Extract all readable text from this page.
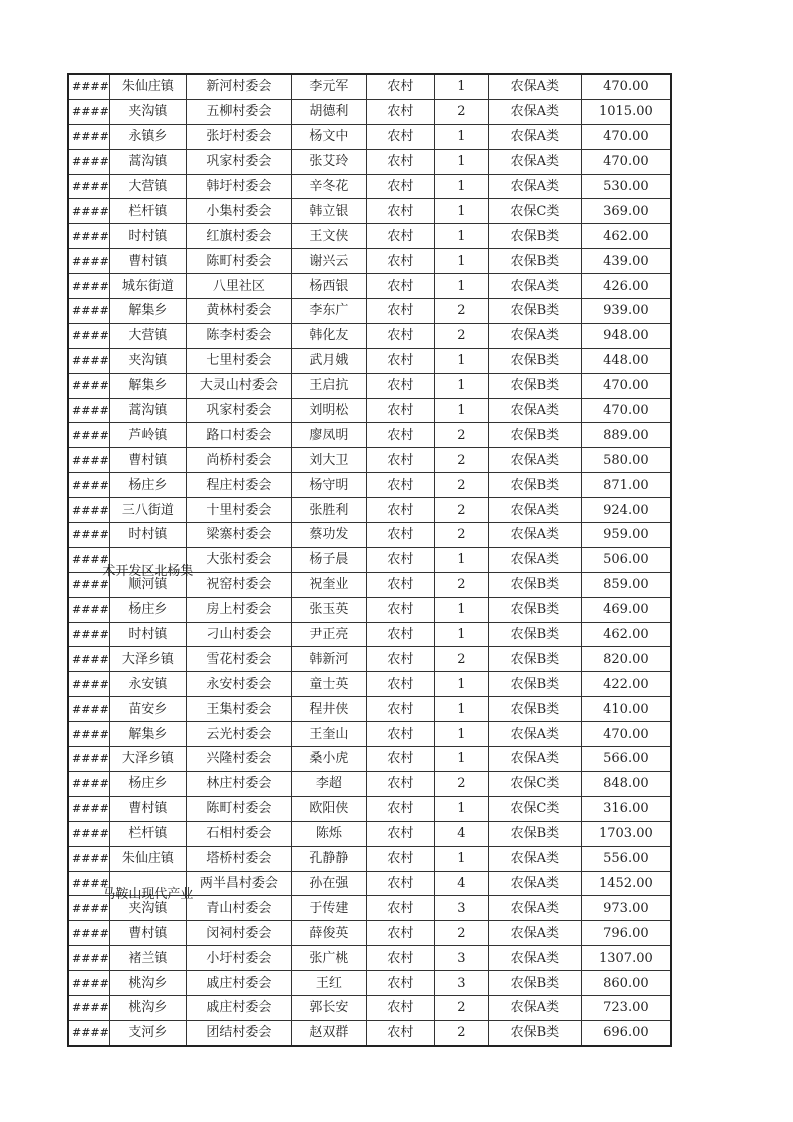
####	朱仙庄镇	新河村委会	李元军	农村	1	农保A类	470.00
####	夹沟镇	五柳村委会	胡德利	农村	2	农保A类	1015.00
####	永镇乡	张圩村委会	杨文中	农村	1	农保A类	470.00
####	蒿沟镇	巩家村委会	张艾玲	农村	1	农保A类	470.00
####	大营镇	韩圩村委会	辛冬花	农村	1	农保A类	530.00
####	栏杆镇	小集村委会	韩立银	农村	1	农保C类	369.00
####	时村镇	红旗村委会	王文侠	农村	1	农保B类	462.00
####	曹村镇	陈町村委会	谢兴云	农村	1	农保B类	439.00
####	城东街道	八里社区	杨西银	农村	1	农保A类	426.00
####	解集乡	黄林村委会	李东广	农村	2	农保B类	939.00
####	大营镇	陈李村委会	韩化友	农村	2	农保A类	948.00
####	夹沟镇	七里村委会	武月娥	农村	1	农保B类	448.00
####	解集乡	大灵山村委会	王启抗	农村	1	农保B类	470.00
####	蒿沟镇	巩家村委会	刘明松	农村	1	农保A类	470.00
####	芦岭镇	路口村委会	廖凤明	农村	2	农保B类	889.00
####	曹村镇	尚桥村委会	刘大卫	农村	2	农保A类	580.00
####	杨庄乡	程庄村委会	杨守明	农村	2	农保B类	871.00
####	三八街道	十里村委会	张胜利	农村	2	农保A类	924.00
####	时村镇	梁寨村委会	蔡功发	农村	2	农保A类	959.00
####	术开发区北杨集	大张村委会	杨子晨	农村	1	农保A类	506.00
####	顺河镇	祝窑村委会	祝奎业	农村	2	农保B类	859.00
####	杨庄乡	房上村委会	张玉英	农村	1	农保B类	469.00
####	时村镇	刁山村委会	尹正亮	农村	1	农保B类	462.00
####	大泽乡镇	雪花村委会	韩新河	农村	2	农保B类	820.00
####	永安镇	永安村委会	童士英	农村	1	农保B类	422.00
####	苗安乡	王集村委会	程井侠	农村	1	农保B类	410.00
####	解集乡	云光村委会	王奎山	农村	1	农保A类	470.00
####	大泽乡镇	兴隆村委会	桑小虎	农村	1	农保A类	566.00
####	杨庄乡	林庄村委会	李超	农村	2	农保C类	848.00
####	曹村镇	陈町村委会	欧阳侠	农村	1	农保C类	316.00
####	栏杆镇	石相村委会	陈烁	农村	4	农保B类	1703.00
####	朱仙庄镇	塔桥村委会	孔静静	农村	1	农保A类	556.00
####	马鞍山现代产业	两半昌村委会	孙在强	农村	4	农保A类	1452.00
####	夹沟镇	青山村委会	于传建	农村	3	农保A类	973.00
####	曹村镇	闵祠村委会	薛俊英	农村	2	农保A类	796.00
####	褚兰镇	小圩村委会	张广桃	农村	3	农保A类	1307.00
####	桃沟乡	戚庄村委会	王红	农村	3	农保B类	860.00
####	桃沟乡	戚庄村委会	郭长安	农村	2	农保A类	723.00
####	支河乡	团结村委会	赵双群	农村	2	农保B类	696.00
